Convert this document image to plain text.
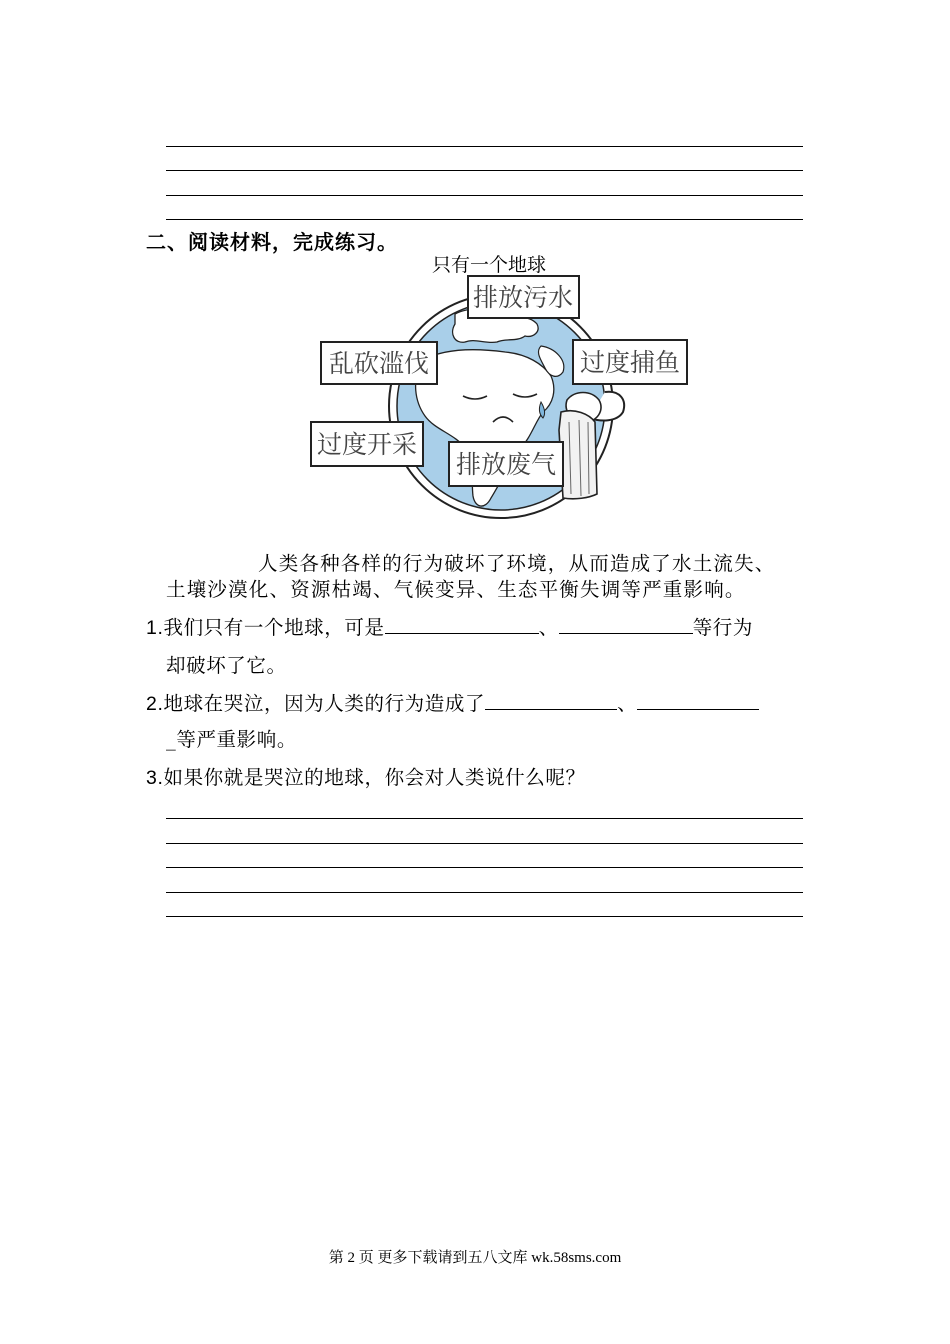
二、阅读材料，完成练习。
只有一个地球
排放污水
乱砍滥伐	过度捕鱼
过度开采
排放废气
人类各种各样的行为破坏了环境，从而造成了水土流失、
土壤沙漠化、资源枯竭、气候变异、生态平衡失调等严重影响。
1.我们只有一个地球，可是	、	等行为
却破坏了它。
2.地球在哭泣，因为人类的行为造成了	、
_等严重影响。
3.如果你就是哭泣的地球，你会对人类说什么呢？
第 2 页 更多下载请到五八文库 wk.58sms.com
